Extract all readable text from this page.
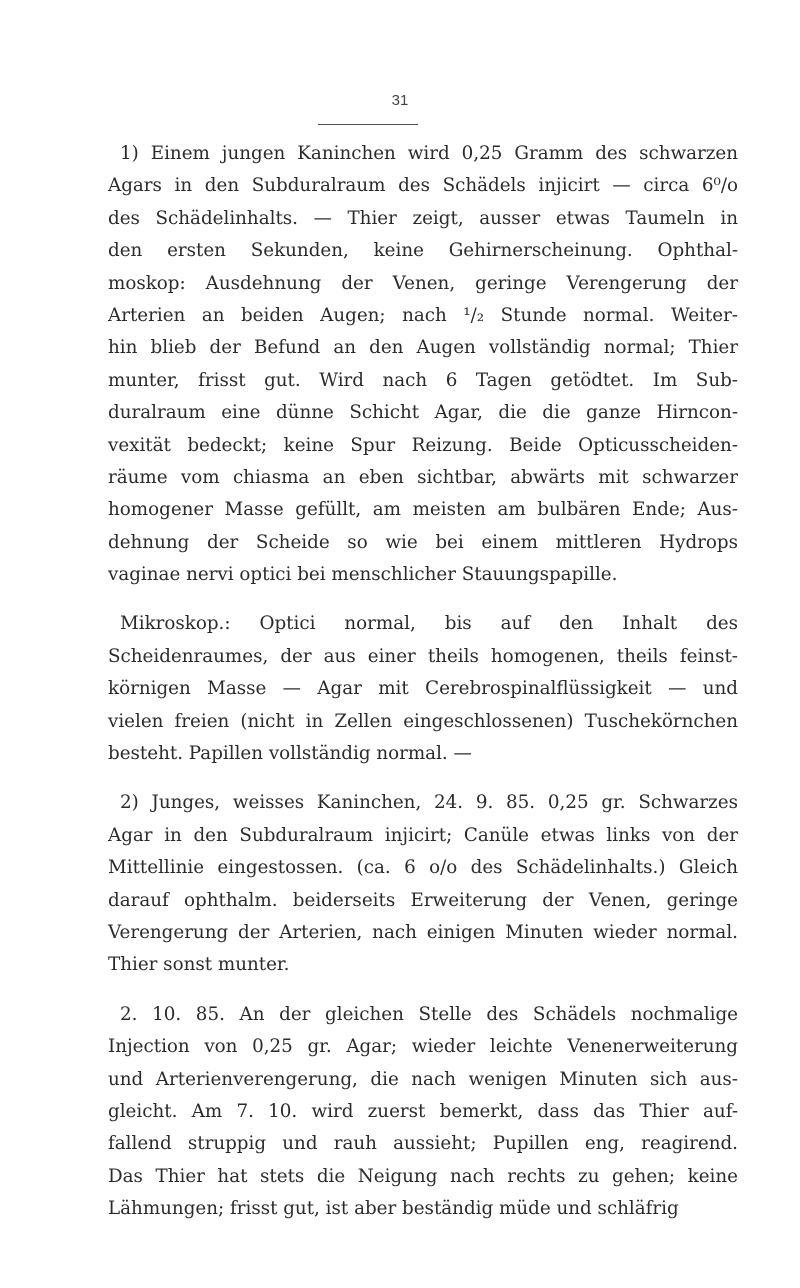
31

1) Einem jungen Kaninchen wird 0,25 Gramm des schwarzen
Agars in den Subduralraum des Schädels injicirt — circa 6⁰/o
des Schädelinhalts. — Thier zeigt, ausser etwas Taumeln in
den ersten Sekunden, keine Gehirnerscheinung. Ophthal-
moskop: Ausdehnung der Venen, geringe Verengerung der
Arterien an beiden Augen; nach ¹/₂ Stunde normal. Weiter-
hin blieb der Befund an den Augen vollständig normal; Thier
munter, frisst gut. Wird nach 6 Tagen getödtet. Im Sub-
duralraum eine dünne Schicht Agar, die die ganze Hirncon-
vexität bedeckt; keine Spur Reizung. Beide Opticusscheiden-
räume vom chiasma an eben sichtbar, abwärts mit schwarzer
homogener Masse gefüllt, am meisten am bulbären Ende; Aus-
dehnung der Scheide so wie bei einem mittleren Hydrops
vaginae nervi optici bei menschlicher Stauungspapille.

Mikroskop.: Optici normal, bis auf den Inhalt des
Scheidenraumes, der aus einer theils homogenen, theils feinst-
körnigen Masse — Agar mit Cerebrospinalflüssigkeit — und
vielen freien (nicht in Zellen eingeschlossenen) Tuschekörnchen
besteht. Papillen vollständig normal. —

2) Junges, weisses Kaninchen, 24. 9. 85. 0,25 gr. Schwarzes
Agar in den Subduralraum injicirt; Canüle etwas links von der
Mittellinie eingestossen. (ca. 6 o/o des Schädelinhalts.) Gleich
darauf ophthalm. beiderseits Erweiterung der Venen, geringe
Verengerung der Arterien, nach einigen Minuten wieder normal.
Thier sonst munter.

2. 10. 85. An der gleichen Stelle des Schädels nochmalige
Injection von 0,25 gr. Agar; wieder leichte Venenerweiterung
und Arterienverengerung, die nach wenigen Minuten sich aus-
gleicht. Am 7. 10. wird zuerst bemerkt, dass das Thier auf-
fallend struppig und rauh aussieht; Pupillen eng, reagirend.
Das Thier hat stets die Neigung nach rechts zu gehen; keine
Lähmungen; frisst gut, ist aber beständig müde und schläfrig
